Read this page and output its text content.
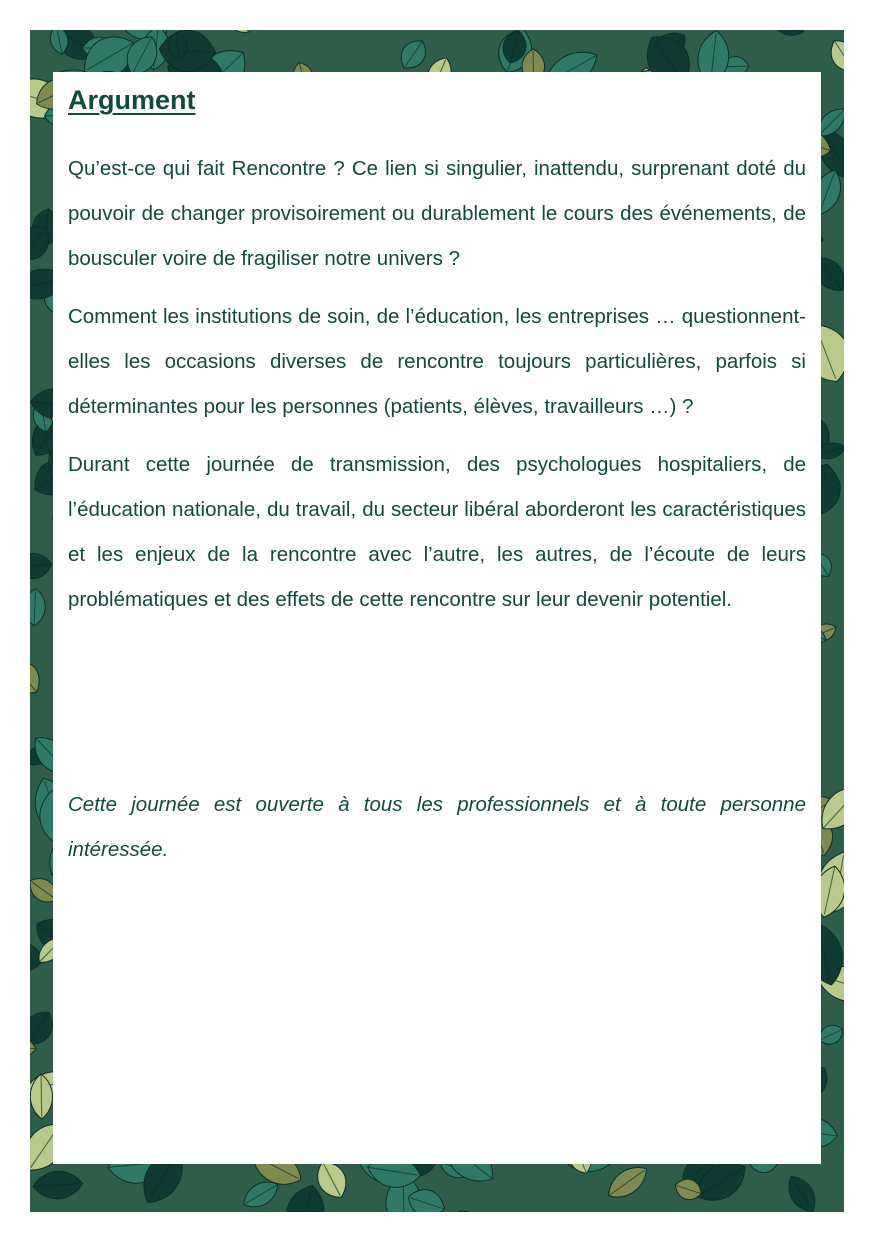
Argument

Qu’est-ce qui fait Rencontre ? Ce lien si singulier, inattendu, surprenant doté du pouvoir de changer provisoirement ou durablement le cours des événements, de bousculer voire de fragiliser notre univers ?

Comment les institutions de soin, de l’éducation, les entreprises … questionnent-elles les occasions diverses de rencontre toujours particulières, parfois si déterminantes pour les personnes (patients, élèves, travailleurs …) ?

Durant cette journée de transmission, des psychologues hospitaliers, de l’éducation nationale, du travail, du secteur libéral aborderont les caractéristiques et les enjeux de la rencontre avec l’autre, les autres, de l’écoute de leurs problématiques et des effets de cette rencontre sur leur devenir potentiel.

Cette journée est ouverte à tous les professionnels et à toute personne intéressée.
